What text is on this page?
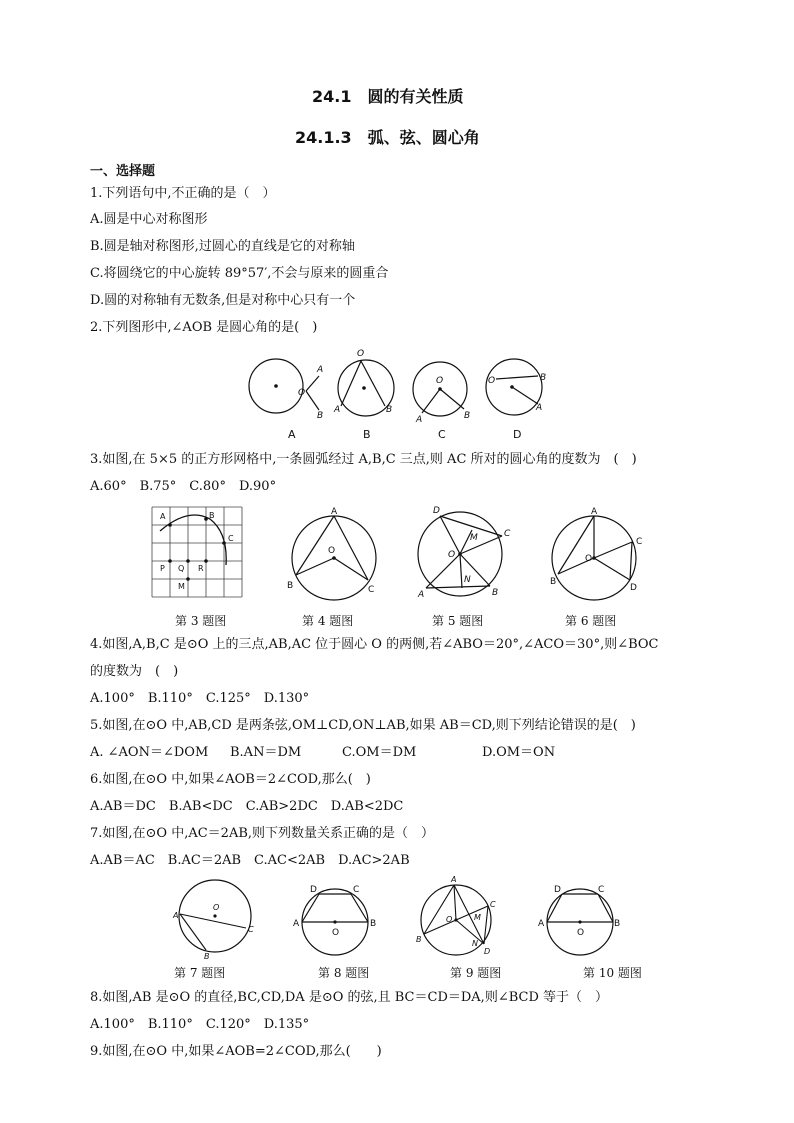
24.1　圆的有关性质
24.1.3　弧、弦、圆心角
一、选择题
1.下列语句中,不正确的是（　）
A.圆是中心对称图形
B.圆是轴对称图形,过圆心的直线是它的对称轴
C.将圆绕它的中心旋转 89°57′,不会与原来的圆重合
D.圆的对称轴有无数条,但是对称中心只有一个
2.下列图形中,∠AOB 是圆心角的是(　)
O
A
B
O
A	B
O
A	B
O	B
A
A	B	C	D
3.如图,在 5×5 的正方形网格中,一条圆弧经过 A,B,C 三点,则 AC 所对的圆心角的度数为　(　)
A.60°　B.75°　C.80°　D.90°
A	B
C
P Q R
M
A
B	C
O
D
C
M
O
N
A	B
A
B
C
D
O
第 3 题图	第 4 题图	第 5 题图	第 6 题图
4.如图,A,B,C 是⊙O 上的三点,AB,AC 位于圆心 O 的两侧,若∠ABO＝20°,∠ACO＝30°,则∠BOC
的度数为　(　)
A.100°　B.110°　C.125°　D.130°
5.如图,在⊙O 中,AB,CD 是两条弦,OM⊥CD,ON⊥AB,如果 AB＝CD,则下列结论错误的是(　)
A. ∠AON＝∠DOM B.AN＝DM	C.OM＝DM	D.OM＝ON
6.如图,在⊙O 中,如果∠AOB＝2∠COD,那么(　)
A.AB＝DC　B.AB<DC　C.AB>2DC　D.AB<2DC
7.如图,在⊙O 中,AC＝2AB,则下列数量关系正确的是（　）
A.AB＝AC　B.AC＝2AB　C.AC<2AB　D.AC>2AB
O
A
C
B
D	C
A	B
O
A
B
C
D
O	M
N
D	C
A	B
O
第 7 题图	第 8 题图	第 9 题图	第 10 题图
8.如图,AB 是⊙O 的直径,BC,CD,DA 是⊙O 的弦,且 BC＝CD＝DA,则∠BCD 等于（　）
A.100°　B.110°　C.120°　D.135°
9.如图,在⊙O 中,如果∠AOB=2∠COD,那么(　　)
